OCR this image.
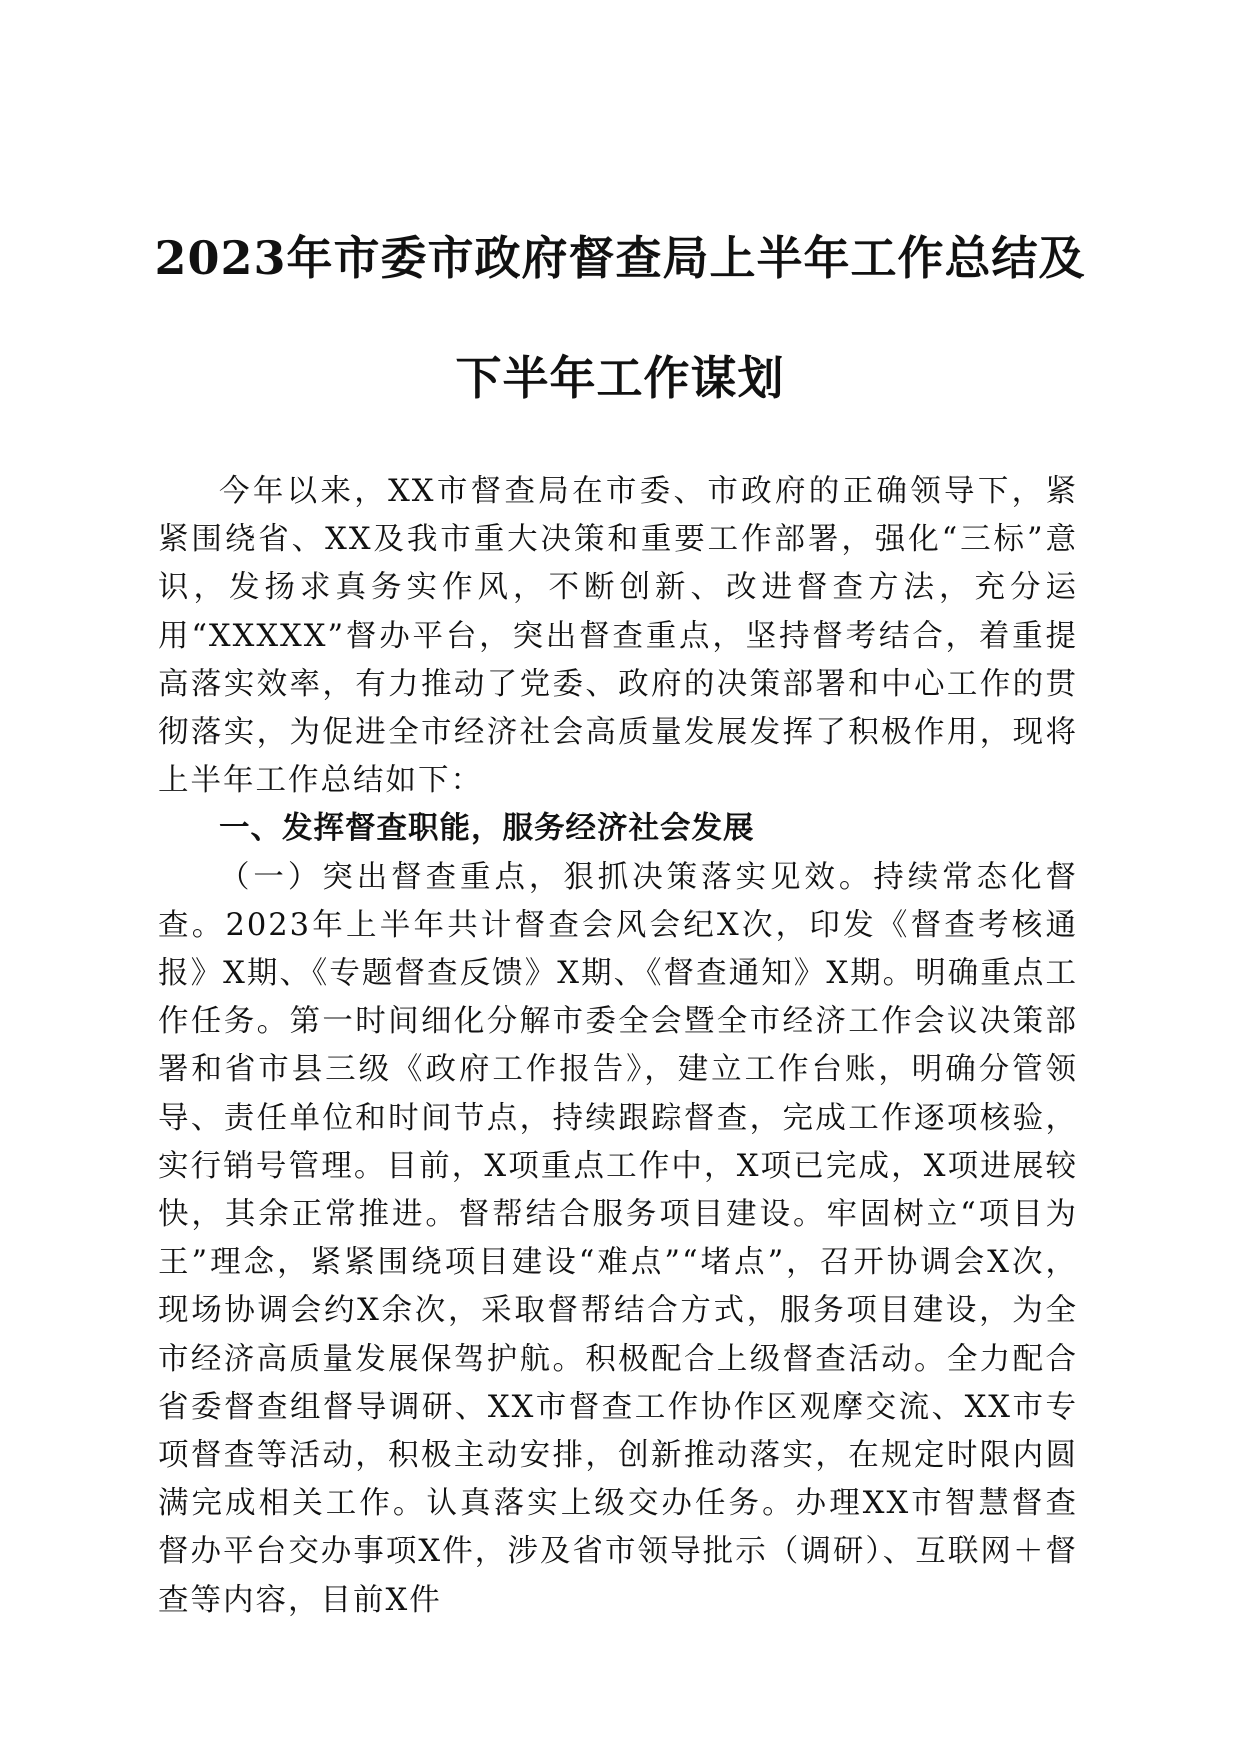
2023年市委市政府督查局上半年工作总结及
下半年工作谋划

今年以来，XX市督查局在市委、市政府的正确领导下，紧紧围绕省、XX及我市重大决策和重要工作部署，强化“三标”意识，发扬求真务实作风，不断创新、改进督查方法，充分运用“XXXXX”督办平台，突出督查重点，坚持督考结合，着重提高落实效率，有力推动了党委、政府的决策部署和中心工作的贯彻落实，为促进全市经济社会高质量发展发挥了积极作用，现将上半年工作总结如下：

一、发挥督查职能，服务经济社会发展

（一）突出督查重点，狠抓决策落实见效。持续常态化督查。2023年上半年共计督查会风会纪X次，印发《督查考核通报》X期、《专题督查反馈》X期、《督查通知》X期。明确重点工作任务。第一时间细化分解市委全会暨全市经济工作会议决策部署和省市县三级《政府工作报告》，建立工作台账，明确分管领导、责任单位和时间节点，持续跟踪督查，完成工作逐项核验，实行销号管理。目前，X项重点工作中，X项已完成，X项进展较快，其余正常推进。督帮结合服务项目建设。牢固树立“项目为王”理念，紧紧围绕项目建设“难点”“堵点”，召开协调会X次，现场协调会约X余次，采取督帮结合方式，服务项目建设，为全市经济高质量发展保驾护航。积极配合上级督查活动。全力配合省委督查组督导调研、XX市督查工作协作区观摩交流、XX市专项督查等活动，积极主动安排，创新推动落实，在规定时限内圆满完成相关工作。认真落实上级交办任务。办理XX市智慧督查督办平台交办事项X件，涉及省市领导批示（调研）、互联网＋督查等内容，目前X件
